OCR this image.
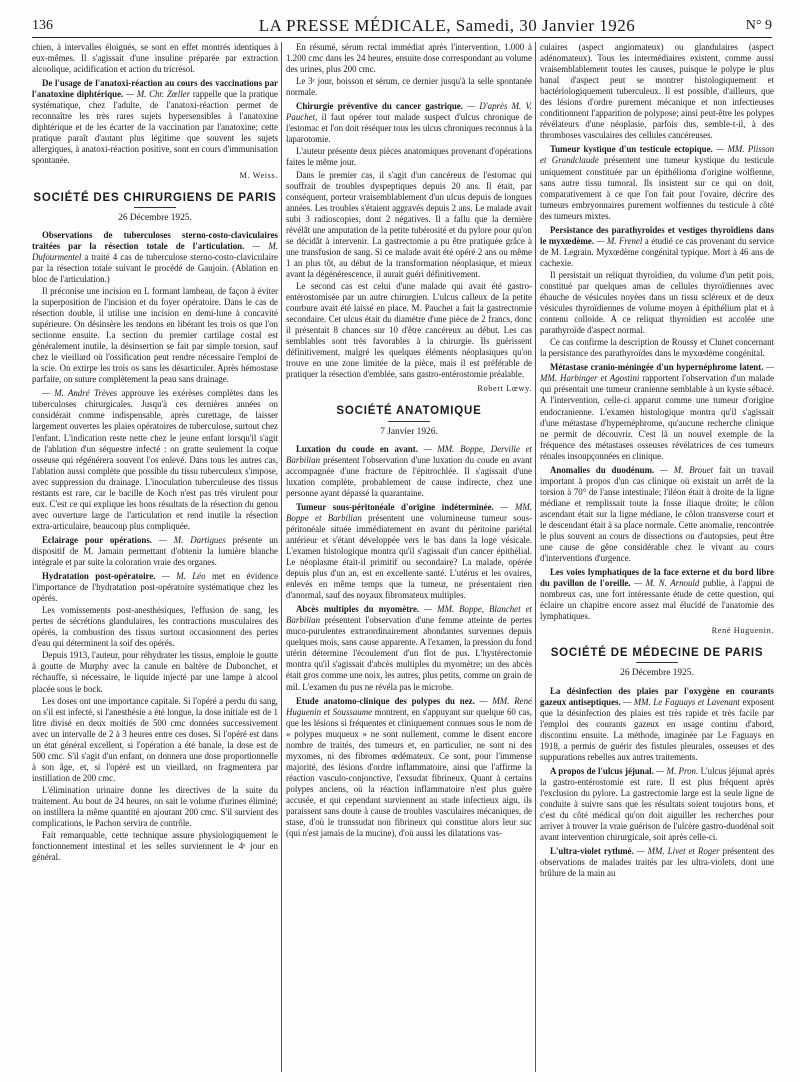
136	LA PRESSE MÉDICALE, Samedi, 30 Janvier 1926	N° 9

chien, à intervalles éloignés, se sont en effet montrés identiques à eux-mêmes. Il s'agissait d'une insuline préparée par extraction alcoolique, acidification et action du tricrésol.

De l'usage de l'anatoxi-réaction au cours des vaccinations par l'anatoxine diphtérique. — M. Chr. Zœller rappelle que la pratique systématique, chez l'adulte, de l'anatoxi-réaction permet de reconnaître les très rares sujets hypersensibles à l'anatoxine diphtérique et de les écarter de la vaccination par l'anatoxine; cette pratique paraît d'autant plus légitime que souvent les sujets allergiques, à anatoxi-réaction positive, sont en cours d'immunisation spontanée.

M. Weiss.
SOCIÉTÉ DES CHIRURGIENS DE PARIS
26 Décembre 1925.

Observations de tuberculoses sterno-costo-claviculaires traitées par la résection totale de l'articulation. — M. Dufourmentel a traité 4 cas de tuberculose sterno-costo-claviculaire par la résection totale suivant le procédé de Gaujoin. (Ablation en bloc de l'articulation.)

Il préconise une incision en L formant lambeau, de façon à éviter la superposition de l'incision et du foyer opératoire. Dans le cas de résection double, il utilise une incision en demi-lune à concavité supérieure. On désinsère les tendons en libérant les trois os que l'on sectionne ensuite. La section du premier cartilage costal est généralement inutile, la désinsertion se fait par simple torsion, sauf chez le vieillard où l'ossification peut rendre nécessaire l'emploi de la scie. On extirpe les trois os sans les désarticuler. Après hémostase parfaite, on suture complètement la peau sans drainage.

— M. André Trèves approuve les exérèses complètes dans les tuberculoses chirurgicales. Jusqu'à ces dernières années on considérait comme indispensable, après curettage, de laisser largement ouvertes les plaies opératoires de tuberculose, surtout chez l'enfant. L'indication reste nette chez le jeune enfant lorsqu'il s'agit de l'ablation d'un séquestre infecté : on gratte seulement la coque osseuse qui régénérera souvent l'os enlevé. Dans tous les autres cas, l'ablation aussi complète que possible du tissu tuberculeux s'impose, avec suppression du drainage. L'inoculation tuberculeuse des tissus restants est rare, car le bacille de Koch n'est pas très virulent pour eux. C'est ce qui explique les bons résultats de la résection du genou avec ouverture large de l'articulation et rend inutile la résection extra-articulaire, beaucoup plus compliquée.

Eclairage pour opérations. — M. Dartigues présente un dispositif de M. Jamain permettant d'obtenir la lumière blanche intégrale et par suite la coloration vraie des organes.

Hydratation post-opératoire. — M. Léo met en évidence l'importance de l'hydratation post-opératoire systématique chez les opérés.

Les vomissements post-anesthésiques, l'effusion de sang, les pertes de sécrétions glandulaires, les contractions musculaires des opérés, la combustion des tissus surtout occasionnent des pertes d'eau qui déterminent la soif des opérés.

Depuis 1913, l'auteur, pour réhydrater les tissus, emploie le goutte à goutte de Murphy avec la canule en baltère de Dubonchet, et réchauffe, si nécessaire, le liquide injecté par une lampe à alcool placée sous le bock.

Les doses ont une importance capitale. Si l'opéré a perdu du sang, on s'il est infecté, si l'anesthésie a été longue, la dose initiale est de 1 litre divisé en deux moitiés de 500 cmc données successivement avec un intervalle de 2 à 3 heures entre ces doses. Si l'opéré est dans un état général excellent, si l'opération a été banale, la dose est de 500 cmc. S'il s'agit d'un enfant, on donnera une dose proportionnelle à son âge, et, si l'opéré est un vieillard, on fragmentera par instillation de 200 cmc.

L'élimination urinaire donne les directives de la suite du traitement. Au bout de 24 heures, on sait le volume d'urines éliminé; on instillera la même quantité en ajoutant 200 cmc. S'il survient des complications, le Pachon servira de contrôle.

Fait remarquable, cette technique assure physiologiquement le fonctionnement intestinal et les selles surviennent le 4ᵉ jour en général.

En résumé, sérum rectal immédiat après l'intervention, 1.000 à 1.200 cmc dans les 24 heures, ensuite dose correspondant au volume des urines, plus 200 cmc.

Le 3ᵉ jour, boisson et sérum, ce dernier jusqu'à la selle spontanée normale.

Chirurgie préventive du cancer gastrique. — D'après M. V. Pauchet, il faut opérer tout malade suspect d'ulcus chronique de l'estomac et l'on doit réséquer tous les ulcus chroniques reconnus à la laparotomie.

L'auteur présente deux pièces anatomiques provenant d'opérations faites le même jour.

Dans le premier cas, il s'agit d'un cancéreux de l'estomac qui souffrait de troubles dyspeptiques depuis 20 ans. Il était, par conséquent, porteur vraisemblablement d'un ulcus depuis de longues années. Les troubles s'étaient aggravés depuis 2 ans. Le malade avait subi 3 radioscopies, dont 2 négatives. Il a fallu que la dernière révélât une amputation de la petite tubérosité et du pylore pour qu'on se décidât à intervenir. La gastrectomie a pu être pratiquée grâce à une transfusion de sang. Si ce malade avait été opéré 2 ans ou même 1 an plus tôt, au début de la transformation néoplasique, et mieux avant la dégénérescence, il aurait guéri définitivement.

Le second cas est celui d'une malade qui avait été gastro-entérostomisée par un autre chirurgien. L'ulcus calleux de la petite courbure avait été laissé en place. M. Pauchet a fait la gastrectomie secondaire. Cet ulcus était du diamètre d'une pièce de 2 francs, donc il présentait 8 chances sur 10 d'être cancéreux au début. Les cas semblables sont très favorables à la chirurgie. Ils guérissent définitivement, malgré les quelques éléments néoplasiques qu'on trouve en une zone limitée de la pièce, mais il est préférable de pratiquer la résection d'emblée, sans gastro-entérostomie préalable.

Robert Lœwy.
SOCIÉTÉ ANATOMIQUE
7 Janvier 1926.

Luxation du coude en avant. — MM. Boppe, Derville et Barbilian présentent l'observation d'une luxation du coude en avant accompagnée d'une fracture de l'épitrochlée. Il s'agissait d'une luxation complète, probablement de cause indirecte, chez une personne ayant dépassé la quarantaine.

Tumeur sous-péritonéale d'origine indéterminée. — MM. Boppe et Barbilian présentent une volumineuse tumeur sous-péritonéale située immédiatement en avant du péritoine pariétal antérieur et s'étant développée vers le bas dans la loge vésicale. L'examen histologique montra qu'il s'agissait d'un cancer épithélial. Le néoplasme était-il primitif ou secondaire? La malade, opérée depuis plus d'un an, est en excellente santé. L'utérus et les ovaires, enlevés en même temps que la tumeur, ne présentaient rien d'anormal, sauf des noyaux fibromateux multiples.

Abcès multiples du myomètre. — MM. Boppe, Blanchet et Barbilian présentent l'observation d'une femme atteinte de pertes muco-purulentes extraordinairement abondantes survenues depuis quelques mois, sans cause apparente. A l'examen, la pression du fond utérin détermine l'écoulement d'un flot de pus. L'hystérectomie montra qu'il s'agissait d'abcès multiples du myomètre; un des abcès était gros comme une noix, les autres, plus petits, comme un grain de mil. L'examen du pus ne révéla pas le microbe.

Etude anatomo-clinique des polypes du nez. — MM. René Huguenin et Soussaume montrent, en s'appuyant sur quelque 60 cas, que les lésions si fréquentes et cliniquement connues sous le nom de « polypes muqueux » ne sont nullement, comme le disent encore nombre de traités, des tumeurs et, en particulier, ne sont ni des myxomes, ni des fibromes œdémateux. Ce sont, pour l'immense majorité, des lésions d'ordre inflammatoire, ainsi que l'affirme la réaction vasculo-conjonctive, l'exsudat fibrineux. Quant à certains polypes anciens, où la réaction inflammatoire n'est plus guère accusée, et qui cependant surviennent au stade infectieux aigu, ils paraissent sans doute à cause de troubles vasculaires mécaniques, de stase, d'où le transsudat non fibrineux qui constitue alors leur suc (qui n'est jamais de la mucine), d'où aussi les dilatations vas-

culaires (aspect angiomateux) ou glandulaires (aspect adénomateux). Tous les intermédiaires existent, comme aussi vraisemblablement toutes les causes, puisque le polype le plus banal d'aspect peut se montrer histologiquement et bactériologiquement tuberculeux. Il est possible, d'ailleurs, que des lésions d'ordre purement mécanique et non infectieuses conditionnent l'apparition de polypose; ainsi peut-être les polypes révélateurs d'une néoplasie, parfois dus, semble-t-il, à des thromboses vasculaires des cellules cancéreuses.

Tumeur kystique d'un testicule ectopique. — MM. Plisson et Grandclaude présentent une tumeur kystique du testicule uniquement constituée par un épithélioma d'origine wolfienne, sans autre tissu tumoral. Ils insistent sur ce qui on doit, comparativement à ce que l'on fait pour l'ovaire, décrire des tumeurs embryonnaires purement wolfiennes du testicule à côté des tumeurs mixtes.

Persistance des parathyroïdes et vestiges thyroïdiens dans le myxœdème. — M. Frenel a étudié ce cas provenant du service de M. Legrain. Myxœdème congénital typique. Mort à 46 ans de cachexie.

Il persistait un reliquat thyroïdien, du volume d'un petit pois, constitué par quelques amas de cellules thyroïdiennes avec ébauche de vésicules noyées dans un tissu scléreux et de deux vésicules thyroïdiennes de volume moyen à épithélium plat et à contenu colloïde. A ce reliquat thyroïdien est accolée une parathyroïde d'aspect normal.

Ce cas confirme la description de Roussy et Clunet concernant la persistance des parathyroïdes dans le myxœdème congénital.

Métastase cranio-méningée d'un hypernéphrome latent. — MM. Harbinger et Agostini rapportent l'observation d'un malade qui présentait une tumeur cranienne semblable à un kyste sébacé. A l'intervention, celle-ci apparut comme une tumeur d'origine endocranienne. L'examen histologique montra qu'il s'agissait d'une métastase d'hypernéphrome, qu'aucune recherche clinique ne permit de découvrir. C'est là un nouvel exemple de la fréquence des métastases osseuses révélatrices de ces tumeurs rénales insoupçonnées en clinique.

Anomalies du duodénum. — M. Brouet fait un travail important à propos d'un cas clinique où existait un arrêt de la torsion à 70° de l'anse intestinale; l'iléon était à droite de la ligne médiane et remplissait toute la fosse iliaque droite; le côlon ascendant était sur la ligne médiane, le côlon transverse court et le descendant était à sa place normale. Cette anomalie, rencontrée le plus souvent au cours de dissections ou d'autopsies, peut être une cause de gêne considérable chez le vivant au cours d'interventions d'urgence.

Les voies lymphatiques de la face externe et du bord libre du pavillon de l'oreille. — M. N. Arnould publie, à l'appui de nombreux cas, une fort intéressante étude de cette question, qui éclaire un chapitre encore assez mal élucidé de l'anatomie des lymphatiques.

René Huguenin.
SOCIÉTÉ DE MÉDECINE DE PARIS
26 Décembre 1925.

La désinfection des plaies par l'oxygène en courants gazeux antiseptiques. — MM. Le Faguays et Lavenant exposent que la désinfection des plaies est très rapide et très facile par l'emploi des courants gazeux en usage continu d'abord, discontinu ensuite. La méthode, imaginée par Le Faguays en 1918, a permis de guérir des fistules pleurales, osseuses et des suppurations rebelles aux autres traitements.

A propos de l'ulcus jéjunal. — M. Pron. L'ulcus jéjunal après la gastro-entérostomie est rare. Il est plus fréquent après l'exclusion du pylore. La gastrectomie large est la seule ligne de conduite à suivre sans que les résultats soient toujours bons, et c'est du côté médical qu'on doit aiguiller les recherches pour arriver à trouver la vraie guérison de l'ulcère gastro-duodénal soit avant intervention chirurgicale, soit après celle-ci.

L'ultra-violet rythmé. — MM. Livet et Roger présentent des observations de malades traités par les ultra-violets, dont une brûlure de la main au
